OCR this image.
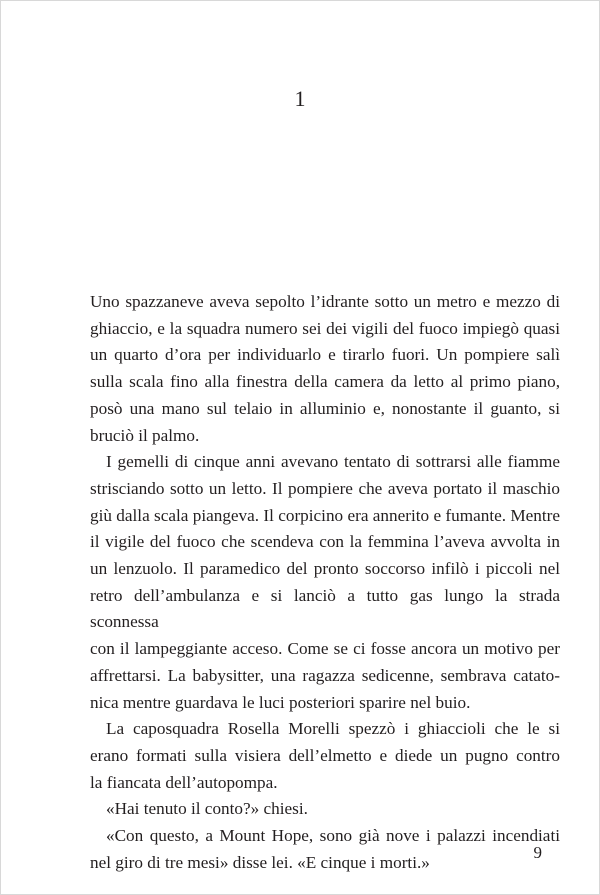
1
Uno spazzaneve aveva sepolto l’idrante sotto un metro e mezzo di
ghiaccio, e la squadra numero sei dei vigili del fuoco impiegò quasi
un quarto d’ora per individuarlo e tirarlo fuori. Un pompiere salì
sulla scala fino alla finestra della camera da letto al primo piano,
posò una mano sul telaio in alluminio e, nonostante il guanto, si
bruciò il palmo.
I gemelli di cinque anni avevano tentato di sottrarsi alle fiamme
strisciando sotto un letto. Il pompiere che aveva portato il maschio
giù dalla scala piangeva. Il corpicino era annerito e fumante. Mentre
il vigile del fuoco che scendeva con la femmina l’aveva avvolta in
un lenzuolo. Il paramedico del pronto soccorso infilò i piccoli nel
retro dell’ambulanza e si lanciò a tutto gas lungo la strada sconnessa
con il lampeggiante acceso. Come se ci fosse ancora un motivo per
affrettarsi. La babysitter, una ragazza sedicenne, sembrava catato-
nica mentre guardava le luci posteriori sparire nel buio.
La caposquadra Rosella Morelli spezzò i ghiaccioli che le si
erano formati sulla visiera dell’elmetto e diede un pugno contro
la fiancata dell’autopompa.
«Hai tenuto il conto?» chiesi.
«Con questo, a Mount Hope, sono già nove i palazzi incendiati
nel giro di tre mesi» disse lei. «E cinque i morti.»
9
